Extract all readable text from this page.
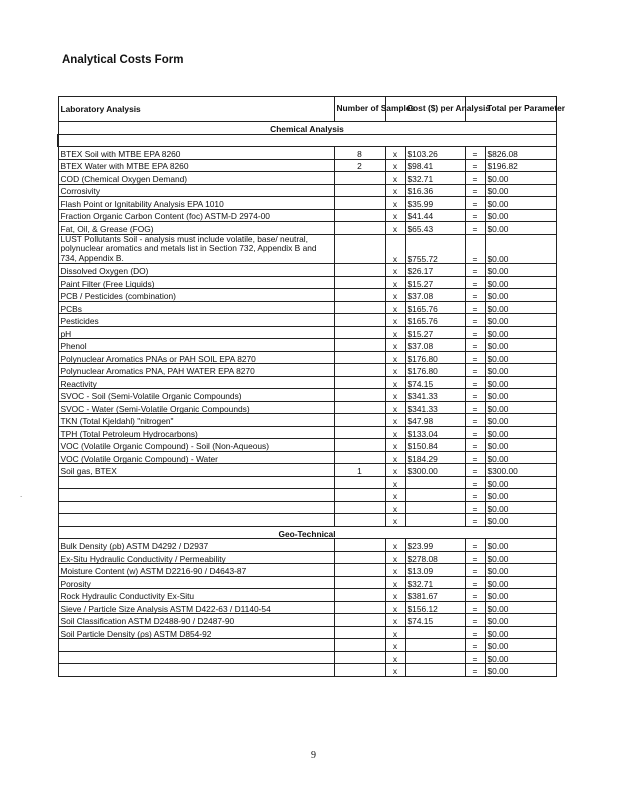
Analytical Costs Form
Laboratory Analysis	Number of Samples		Cost ($) per Analysis		Total per Parameter
Chemical Analysis					

BTEX Soil with MTBE EPA 8260	8	x	$103.26	=	$826.08
BTEX Water with MTBE EPA 8260	2	x	$98.41	=	$196.82
COD (Chemical Oxygen Demand)		x	$32.71	=	$0.00
Corrosivity		x	$16.36	=	$0.00
Flash Point or Ignitability Analysis EPA 1010		x	$35.99	=	$0.00
Fraction Organic Carbon Content (foc) ASTM-D 2974-00		x	$41.44	=	$0.00
Fat, Oil, & Grease (FOG)		x	$65.43	=	$0.00
LUST Pollutants Soil - analysis must include volatile, base/ neutral, polynuclear aromatics and metals list in Section 732, Appendix B and 734, Appendix B.		x	$755.72	=	$0.00
Dissolved Oxygen (DO)		x	$26.17	=	$0.00
Paint Filter (Free Liquids)		x	$15.27	=	$0.00
PCB / Pesticides (combination)		x	$37.08	=	$0.00
PCBs		x	$165.76	=	$0.00
Pesticides		x	$165.76	=	$0.00
pH		x	$15.27	=	$0.00
Phenol		x	$37.08	=	$0.00
Polynuclear Aromatics PNAs or PAH SOIL EPA 8270		x	$176.80	=	$0.00
Polynuclear Aromatics PNA, PAH WATER EPA 8270		x	$176.80	=	$0.00
Reactivity		x	$74.15	=	$0.00
SVOC - Soil (Semi-Volatile Organic Compounds)		x	$341.33	=	$0.00
SVOC - Water (Semi-Volatile Organic Compounds)		x	$341.33	=	$0.00
TKN (Total Kjeldahl) "nitrogen"		x	$47.98	=	$0.00
TPH (Total Petroleum Hydrocarbons)		x	$133.04	=	$0.00
VOC (Volatile Organic Compound) - Soil (Non-Aqueous)		x	$150.84	=	$0.00
VOC (Volatile Organic Compound) - Water		x	$184.29	=	$0.00
Soil gas, BTEX	1	x	$300.00	=	$300.00
		x		=	$0.00
		x		=	$0.00
		x		=	$0.00
		x		=	$0.00
Geo-Technical					
Bulk Density (ρb) ASTM D4292 / D2937		x	$23.99	=	$0.00
Ex-Situ Hydraulic Conductivity / Permeability		x	$278.08	=	$0.00
Moisture Content (w) ASTM D2216-90 / D4643-87		x	$13.09	=	$0.00
Porosity		x	$32.71	=	$0.00
Rock Hydraulic Conductivity Ex-Situ		x	$381.67	=	$0.00
Sieve / Particle Size Analysis ASTM D422-63 / D1140-54		x	$156.12	=	$0.00
Soil Classification ASTM D2488-90 / D2487-90		x	$74.15	=	$0.00
Soil Particle Density (ρs) ASTM D854-92		x		=	$0.00
		x		=	$0.00
		x		=	$0.00
		x		=	$0.00
.
9
